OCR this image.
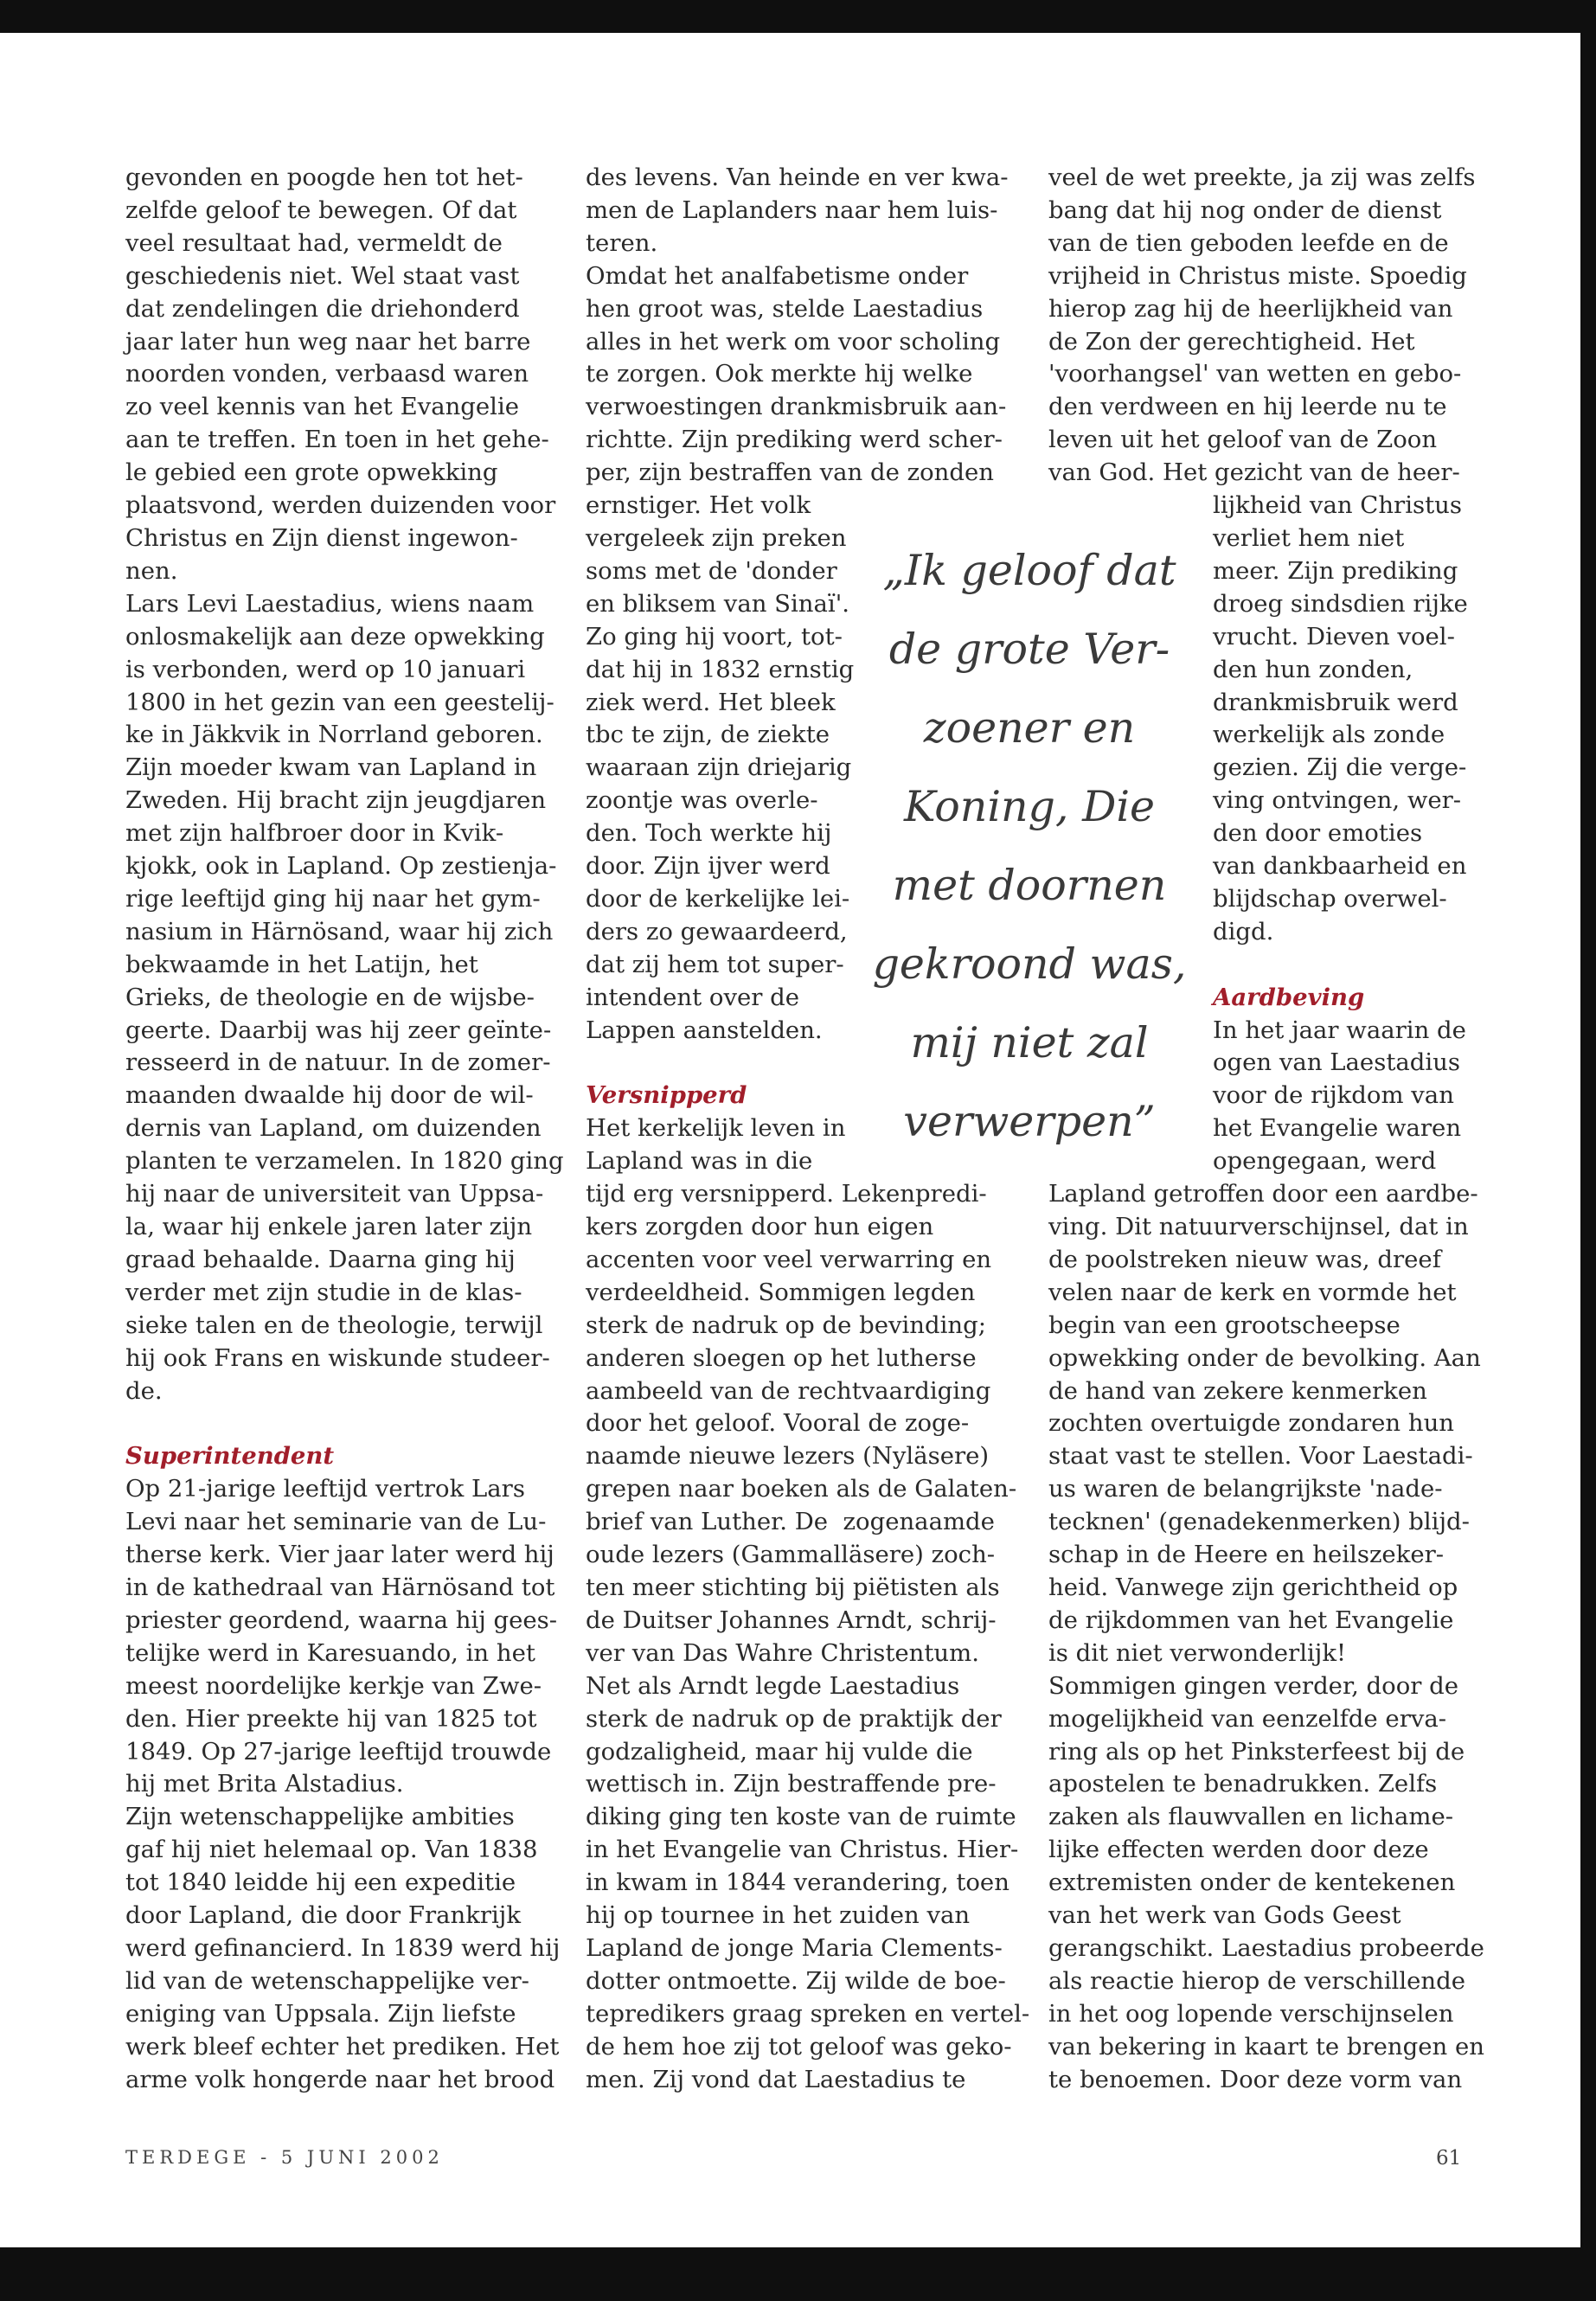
gevonden en poogde hen tot het-
zelfde geloof te bewegen. Of dat
veel resultaat had, vermeldt de
geschiedenis niet. Wel staat vast
dat zendelingen die driehonderd
jaar later hun weg naar het barre
noorden vonden, verbaasd waren
zo veel kennis van het Evangelie
aan te treffen. En toen in het gehe-
le gebied een grote opwekking
plaatsvond, werden duizenden voor
Christus en Zijn dienst ingewon-
nen.
Lars Levi Laestadius, wiens naam
onlosmakelijk aan deze opwekking
is verbonden, werd op 10 januari
1800 in het gezin van een geestelij-
ke in Jäkkvik in Norrland geboren.
Zijn moeder kwam van Lapland in
Zweden. Hij bracht zijn jeugdjaren
met zijn halfbroer door in Kvik-
kjokk, ook in Lapland. Op zestienja-
rige leeftijd ging hij naar het gym-
nasium in Härnösand, waar hij zich
bekwaamde in het Latijn, het
Grieks, de theologie en de wijsbe-
geerte. Daarbij was hij zeer geïnte-
resseerd in de natuur. In de zomer-
maanden dwaalde hij door de wil-
dernis van Lapland, om duizenden
planten te verzamelen. In 1820 ging
hij naar de universiteit van Uppsa-
la, waar hij enkele jaren later zijn
graad behaalde. Daarna ging hij
verder met zijn studie in de klas-
sieke talen en de theologie, terwijl
hij ook Frans en wiskunde studeer-
de.
Superintendent
Op 21-jarige leeftijd vertrok Lars
Levi naar het seminarie van de Lu-
therse kerk. Vier jaar later werd hij
in de kathedraal van Härnösand tot
priester geordend, waarna hij gees-
telijke werd in Karesuando, in het
meest noordelijke kerkje van Zwe-
den. Hier preekte hij van 1825 tot
1849. Op 27-jarige leeftijd trouwde
hij met Brita Alstadius.
Zijn wetenschappelijke ambities
gaf hij niet helemaal op. Van 1838
tot 1840 leidde hij een expeditie
door Lapland, die door Frankrijk
werd gefinancierd. In 1839 werd hij
lid van de wetenschappelijke ver-
eniging van Uppsala. Zijn liefste
werk bleef echter het prediken. Het
arme volk hongerde naar het brood
des levens. Van heinde en ver kwa-
men de Laplanders naar hem luis-
teren.
Omdat het analfabetisme onder
hen groot was, stelde Laestadius
alles in het werk om voor scholing
te zorgen. Ook merkte hij welke
verwoestingen drankmisbruik aan-
richtte. Zijn prediking werd scher-
per, zijn bestraffen van de zonden
ernstiger. Het volk
vergeleek zijn preken
soms met de 'donder
en bliksem van Sinaï'.
Zo ging hij voort, tot-
dat hij in 1832 ernstig
ziek werd. Het bleek
tbc te zijn, de ziekte
waaraan zijn driejarig
zoontje was overle-
den. Toch werkte hij
door. Zijn ijver werd
door de kerkelijke lei-
ders zo gewaardeerd,
dat zij hem tot super-
intendent over de
Lappen aanstelden.
Versnipperd
Het kerkelijk leven in
Lapland was in die
tijd erg versnipperd. Lekenpredi-
kers zorgden door hun eigen
accenten voor veel verwarring en
verdeeldheid. Sommigen legden
sterk de nadruk op de bevinding;
anderen sloegen op het lutherse
aambeeld van de rechtvaardiging
door het geloof. Vooral de zoge-
naamde nieuwe lezers (Nyläsere)
grepen naar boeken als de Galaten-
brief van Luther. De  zogenaamde
oude lezers (Gammalläsere) zoch-
ten meer stichting bij piëtisten als
de Duitser Johannes Arndt, schrij-
ver van Das Wahre Christentum.
Net als Arndt legde Laestadius
sterk de nadruk op de praktijk der
godzaligheid, maar hij vulde die
wettisch in. Zijn bestraffende pre-
diking ging ten koste van de ruimte
in het Evangelie van Christus. Hier-
in kwam in 1844 verandering, toen
hij op tournee in het zuiden van
Lapland de jonge Maria Clements-
dotter ontmoette. Zij wilde de boe-
tepredikers graag spreken en vertel-
de hem hoe zij tot geloof was geko-
men. Zij vond dat Laestadius te
veel de wet preekte, ja zij was zelfs
bang dat hij nog onder de dienst
van de tien geboden leefde en de
vrijheid in Christus miste. Spoedig
hierop zag hij de heerlijkheid van
de Zon der gerechtigheid. Het
'voorhangsel' van wetten en gebo-
den verdween en hij leerde nu te
leven uit het geloof van de Zoon
van God. Het gezicht van de heer-
lijkheid van Christus
verliet hem niet
meer. Zijn prediking
droeg sindsdien rijke
vrucht. Dieven voel-
den hun zonden,
drankmisbruik werd
werkelijk als zonde
gezien. Zij die verge-
ving ontvingen, wer-
den door emoties
van dankbaarheid en
blijdschap overwel-
digd.
Aardbeving
In het jaar waarin de
ogen van Laestadius
voor de rijkdom van
het Evangelie waren
opengegaan, werd
Lapland getroffen door een aardbe-
ving. Dit natuurverschijnsel, dat in
de poolstreken nieuw was, dreef
velen naar de kerk en vormde het
begin van een grootscheepse
opwekking onder de bevolking. Aan
de hand van zekere kenmerken
zochten overtuigde zondaren hun
staat vast te stellen. Voor Laestadi-
us waren de belangrijkste 'nade-
tecknen' (genadekenmerken) blijd-
schap in de Heere en heilszeker-
heid. Vanwege zijn gerichtheid op
de rijkdommen van het Evangelie
is dit niet verwonderlijk!
Sommigen gingen verder, door de
mogelijkheid van eenzelfde erva-
ring als op het Pinksterfeest bij de
apostelen te benadrukken. Zelfs
zaken als flauwvallen en lichame-
lijke effecten werden door deze
extremisten onder de kentekenen
van het werk van Gods Geest
gerangschikt. Laestadius probeerde
als reactie hierop de verschillende
in het oog lopende verschijnselen
van bekering in kaart te brengen en
te benoemen. Door deze vorm van
„Ik geloof dat
de grote Ver-
zoener en
Koning, Die
met doornen
gekroond was,
mij niet zal
verwerpen”
TERDEGE - 5 JUNI 2002	61
